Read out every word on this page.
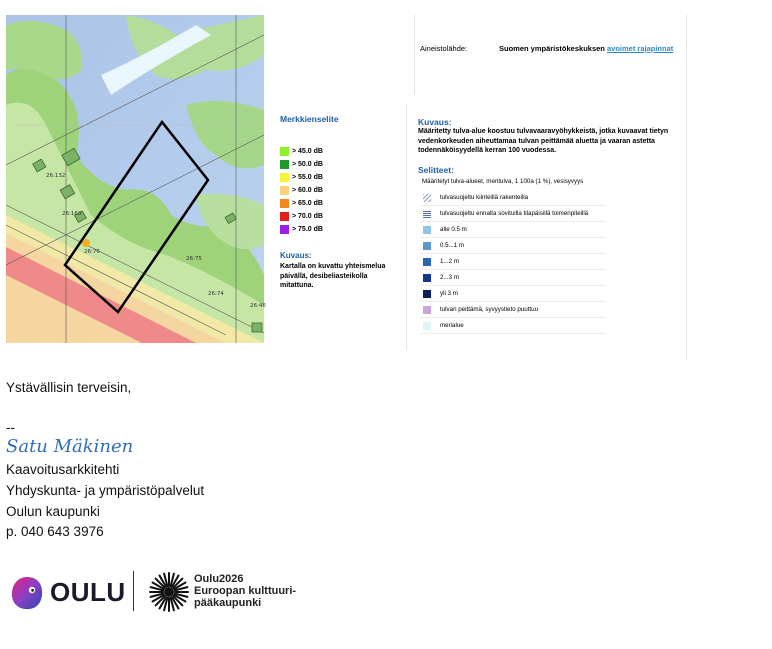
26:132
26:163
26:76
26:75
26:74
26:46
Merkkienselite
> 45.0 dB
> 50.0 dB
> 55.0 dB
> 60.0 dB
> 65.0 dB
> 70.0 dB
> 75.0 dB
Kuvaus:
Kartalla on kuvattu yhteismelua päivällä, desibeliasteikolla mitattuna.
Aineistolähde:	Suomen ympäristökeskuksen avoimet rajapinnat
Kuvaus:
Määritetty tulva-alue koostuu tulvavaaravyöhykkeistä, jotka kuvaavat tietyn vedenkorkeuden aiheuttamaa tulvan peittämää aluetta ja vaaran astetta todennäköisyydellä kerran 100 vuodessa.
Selitteet:
Määritetyt tulva-alueet, meritulva, 1 100a (1 %), vesisyvyys
tulvasuojeltu kiinteillä rakenteilla
tulvasuojeltu ennalta sovituilla tilapäisillä toimenpiteillä
alle 0.5 m
0.5...1 m
1...2 m
2...3 m
yli 3 m
tulvan peittämä, syvyystieto puuttuu
merialue
Ystävällisin terveisin,
--
Satu Mäkinen
Kaavoitusarkkitehti
Yhdyskunta- ja ympäristöpalvelut
Oulun kaupunki
p. 040 643 3976
OULU	Oulu2026
Euroopan kulttuuri-
pääkaupunki
